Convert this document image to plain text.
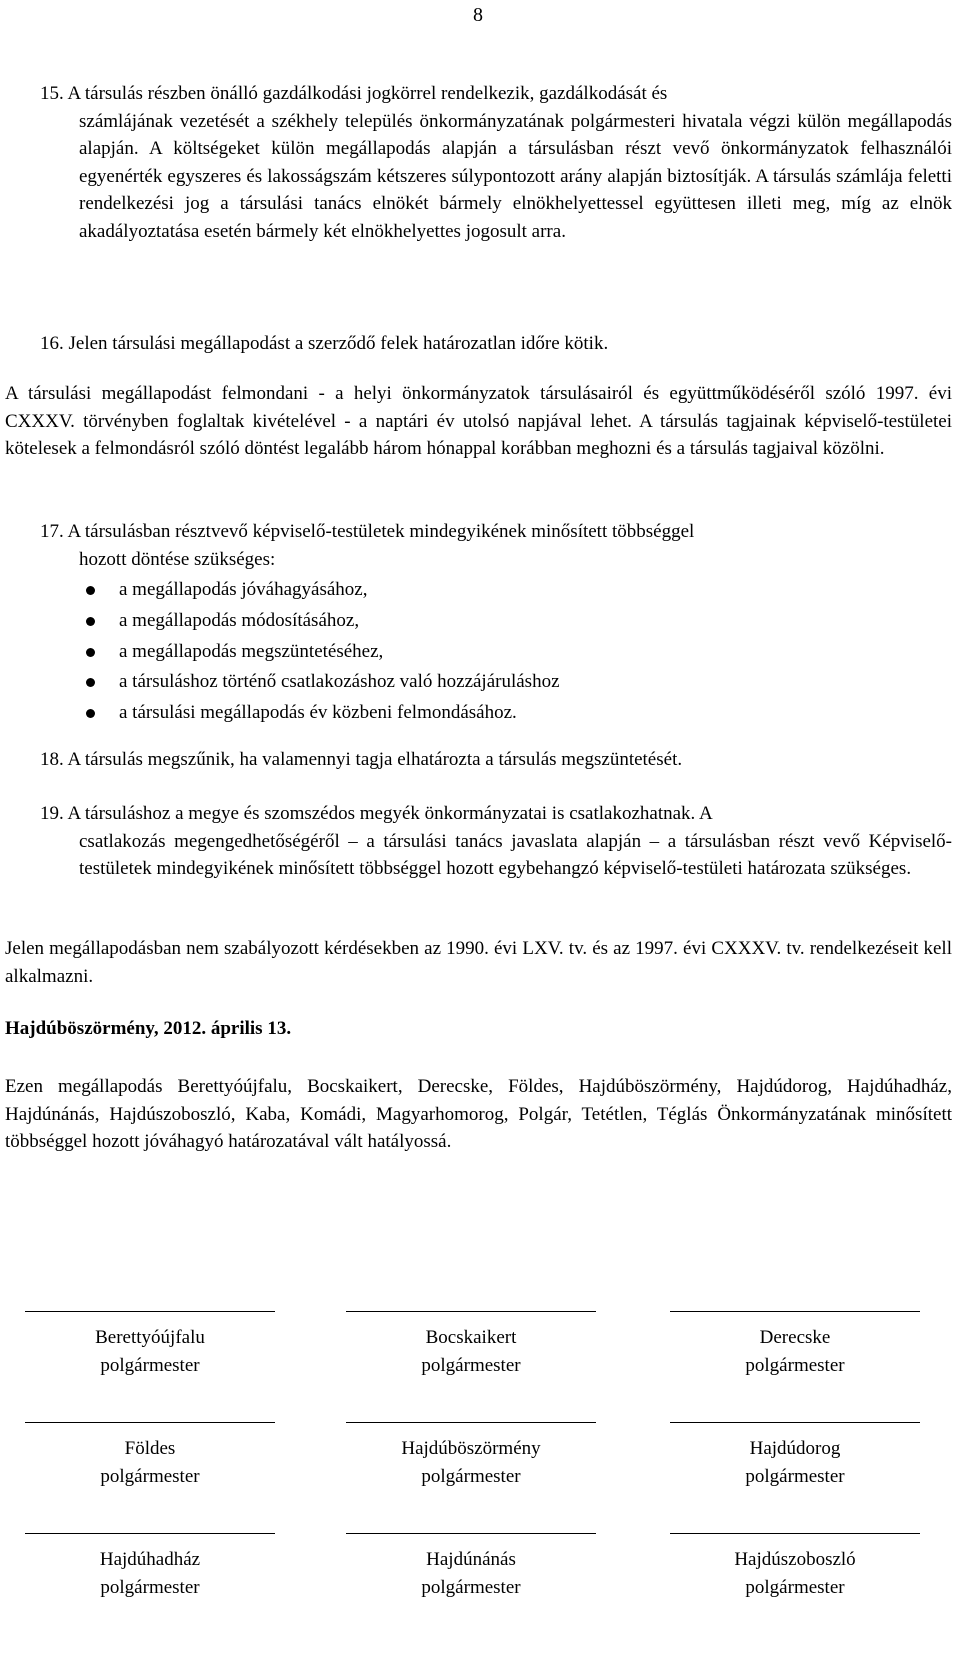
8
15. A társulás részben önálló gazdálkodási jogkörrel rendelkezik, gazdálkodását és
számlájának vezetését a székhely település önkormányzatának polgármesteri hivatala végzi külön megállapodás alapján. A költségeket külön megállapodás alapján a társulásban részt vevő önkormányzatok felhasználói egyenérték egyszeres és lakosságszám kétszeres súlypontozott arány alapján biztosítják. A társulás számlája feletti rendelkezési jog a társulási tanács elnökét bármely elnökhelyettessel együttesen illeti meg, míg az elnök akadályoztatása esetén bármely két elnökhelyettes jogosult arra.
16. Jelen társulási megállapodást a szerződő felek határozatlan időre kötik.
A társulási megállapodást felmondani - a helyi önkormányzatok társulásairól és együttműködéséről szóló 1997. évi CXXXV. törvényben foglaltak kivételével - a naptári év utolsó napjával lehet. A társulás tagjainak képviselő-testületei kötelesek a felmondásról szóló döntést legalább három hónappal korábban meghozni és a társulás tagjaival közölni.
17. A társulásban résztvevő képviselő-testületek mindegyikének minősített többséggel
hozott döntése szükséges:
a megállapodás jóváhagyásához,
a megállapodás módosításához,
a megállapodás megszüntetéséhez,
a társuláshoz történő csatlakozáshoz való hozzájáruláshoz
a társulási megállapodás év közbeni felmondásához.
18. A társulás megszűnik, ha valamennyi tagja elhatározta a társulás megszüntetését.
19. A társuláshoz a megye és szomszédos megyék önkormányzatai is csatlakozhatnak. A
csatlakozás megengedhetőségéről – a társulási tanács javaslata alapján – a társulásban részt vevő Képviselő-testületek mindegyikének minősített többséggel hozott egybehangzó képviselő-testületi határozata szükséges.
Jelen megállapodásban nem szabályozott kérdésekben az 1990. évi LXV. tv. és az 1997. évi CXXXV. tv. rendelkezéseit kell alkalmazni.
Hajdúböszörmény, 2012. április 13.
Ezen megállapodás Berettyóújfalu, Bocskaikert, Derecske, Földes, Hajdúböszörmény, Hajdúdorog, Hajdúhadház, Hajdúnánás, Hajdúszoboszló, Kaba, Komádi, Magyarhomorog, Polgár, Tetétlen, Téglás Önkormányzatának minősített többséggel hozott jóváhagyó határozatával vált hatályossá.
Berettyóújfalu
polgármester
Bocskaikert
polgármester
Derecske
polgármester
Földes
polgármester
Hajdúböszörmény
polgármester
Hajdúdorog
polgármester
Hajdúhadház
polgármester
Hajdúnánás
polgármester
Hajdúszoboszló
polgármester
